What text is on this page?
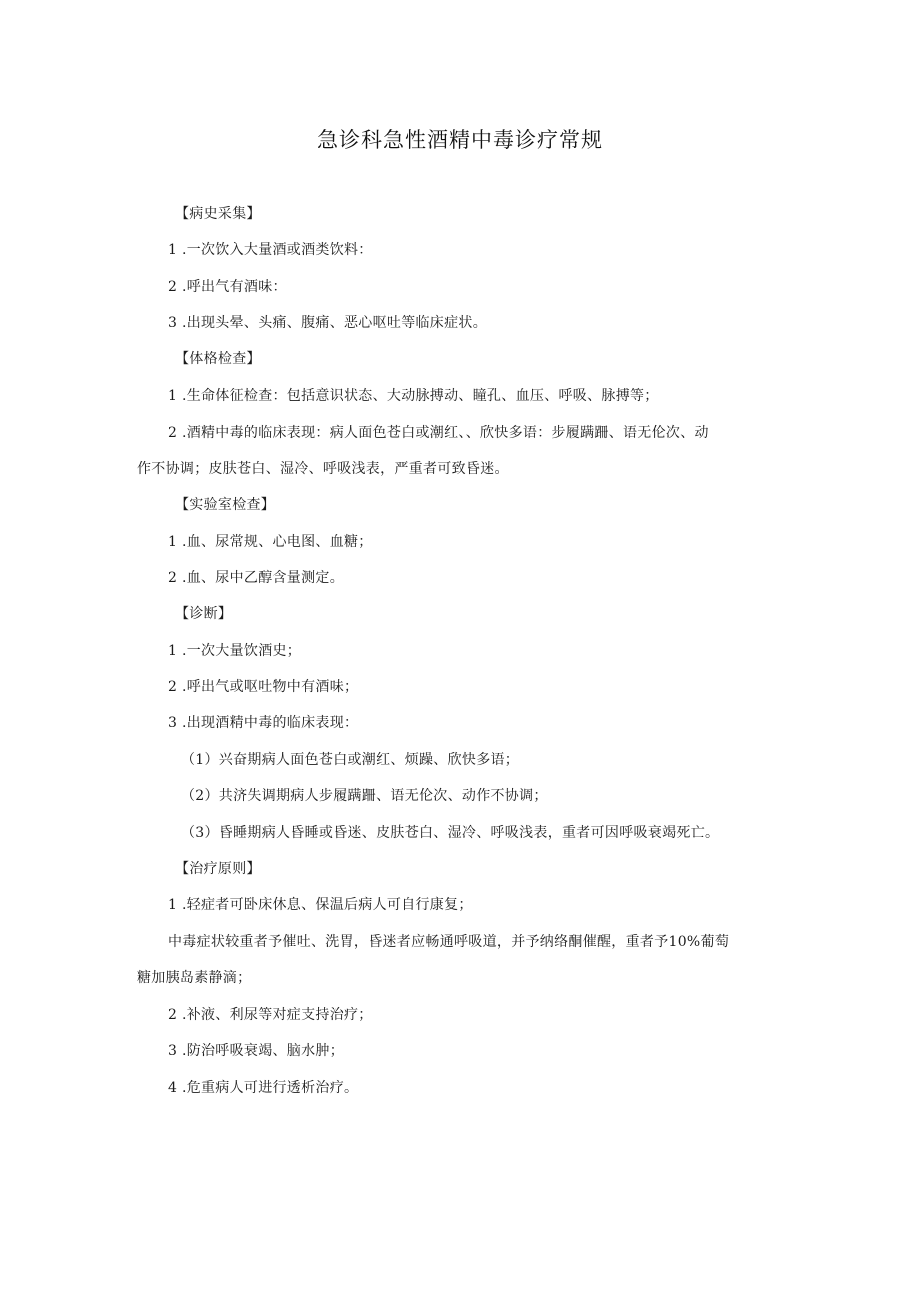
急诊科急性酒精中毒诊疗常规
【病史采集】
1 .一次饮入大量酒或酒类饮料：
2 .呼出气有酒味：
3 .出现头晕、头痛、腹痛、恶心呕吐等临床症状。
【体格检查】
1 .生命体征检查：包括意识状态、大动脉搏动、瞳孔、血压、呼吸、脉搏等；
2 .酒精中毒的临床表现：病人面色苍白或潮红、、欣快多语：步履蹒跚、语无伦次、动
作不协调；皮肤苍白、湿冷、呼吸浅表，严重者可致昏迷。
【实验室检查】
1 .血、尿常规、心电图、血糖；
2 .血、尿中乙醇含量测定。
【诊断】
1 .一次大量饮酒史；
2 .呼出气或呕吐物中有酒味；
3 .出现酒精中毒的临床表现：
（1）兴奋期病人面色苍白或潮红、烦躁、欣快多语；
（2）共济失调期病人步履蹒跚、语无伦次、动作不协调；
（3）昏睡期病人昏睡或昏迷、皮肤苍白、湿冷、呼吸浅表，重者可因呼吸衰竭死亡。
【治疗原则】
1 .轻症者可卧床休息、保温后病人可自行康复；
中毒症状较重者予催吐、洗胃，昏迷者应畅通呼吸道，并予纳络酮催醒，重者予10%葡萄
糖加胰岛素静滴；
2 .补液、利尿等对症支持治疗；
3 .防治呼吸衰竭、脑水肿；
4 .危重病人可进行透析治疗。
